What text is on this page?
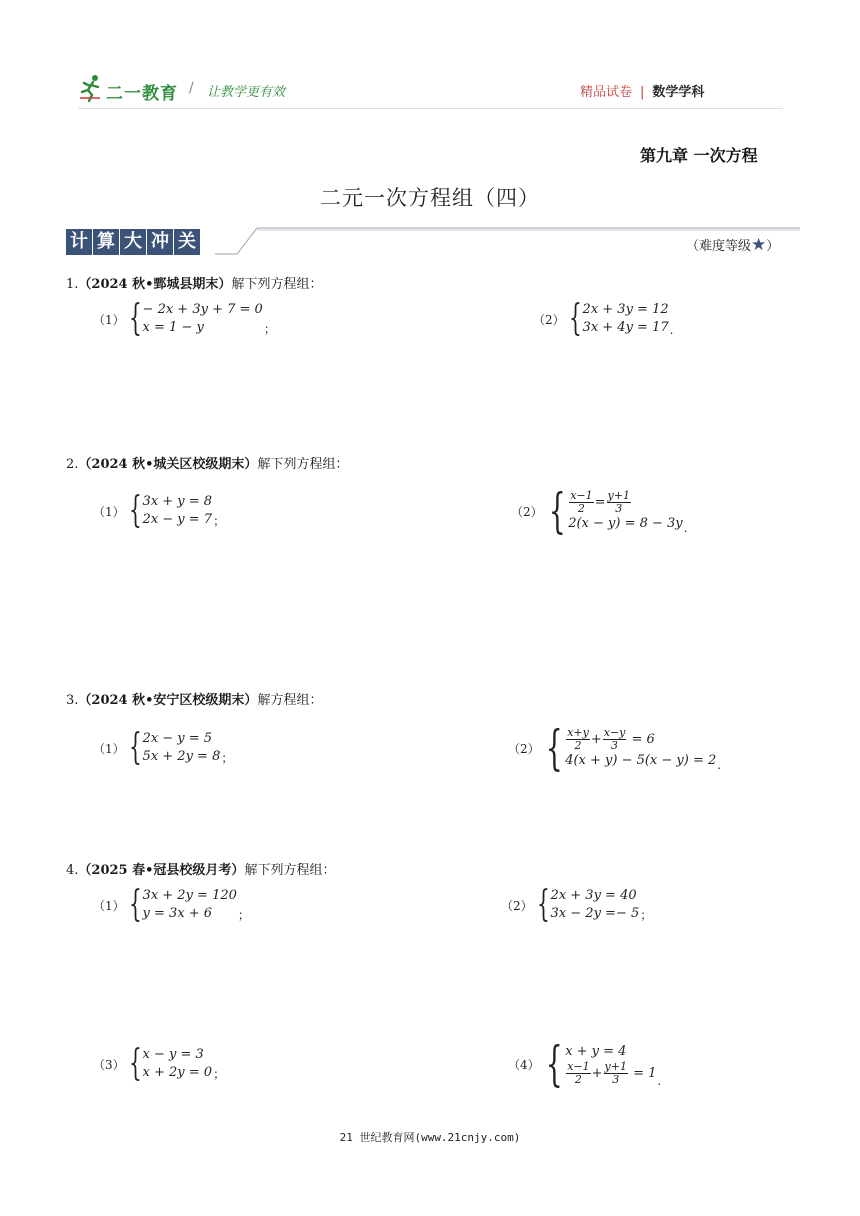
二一教育 / 让教学更有效	精品试卷 | 数学学科
第九章 一次方程
二元一次方程组（四）
计 算 大 冲 关	（难度等级★）
1.（2024 秋•鄄城县期末）解下列方程组：
（1） { − 2x + 3y + 7 = 0
x = 1 − y	；
（2） { 2x + 3y = 12
3x + 4y = 17 .
2.（2024 秋•城关区校级期末）解下列方程组：
（1） { 3x + y = 8
2x − y = 7 ；
（2） { $\frac{x-1}{2} = \frac{y+1}{3}$
2(x − y) = 8 − 3y .
3.（2024 秋•安宁区校级期末）解方程组：
（1） { 2x − y = 5
5x + 2y = 8 ；
（2） { $\frac{x+y}{2} + \frac{x-y}{3} = 6$
4(x + y) − 5(x − y) = 2 .
4.（2025 春•冠县校级月考）解下列方程组：
（1） { 3x + 2y = 120
y = 3x + 6	；
（2） { 2x + 3y = 40
3x − 2y =− 5 ；
（3） { x − y = 3
x + 2y = 0 ；
（4） { x + y = 4
$\frac{x-1}{2} + \frac{y+1}{3} = 1$
.
21 世纪教育网(www.21cnjy.com)
